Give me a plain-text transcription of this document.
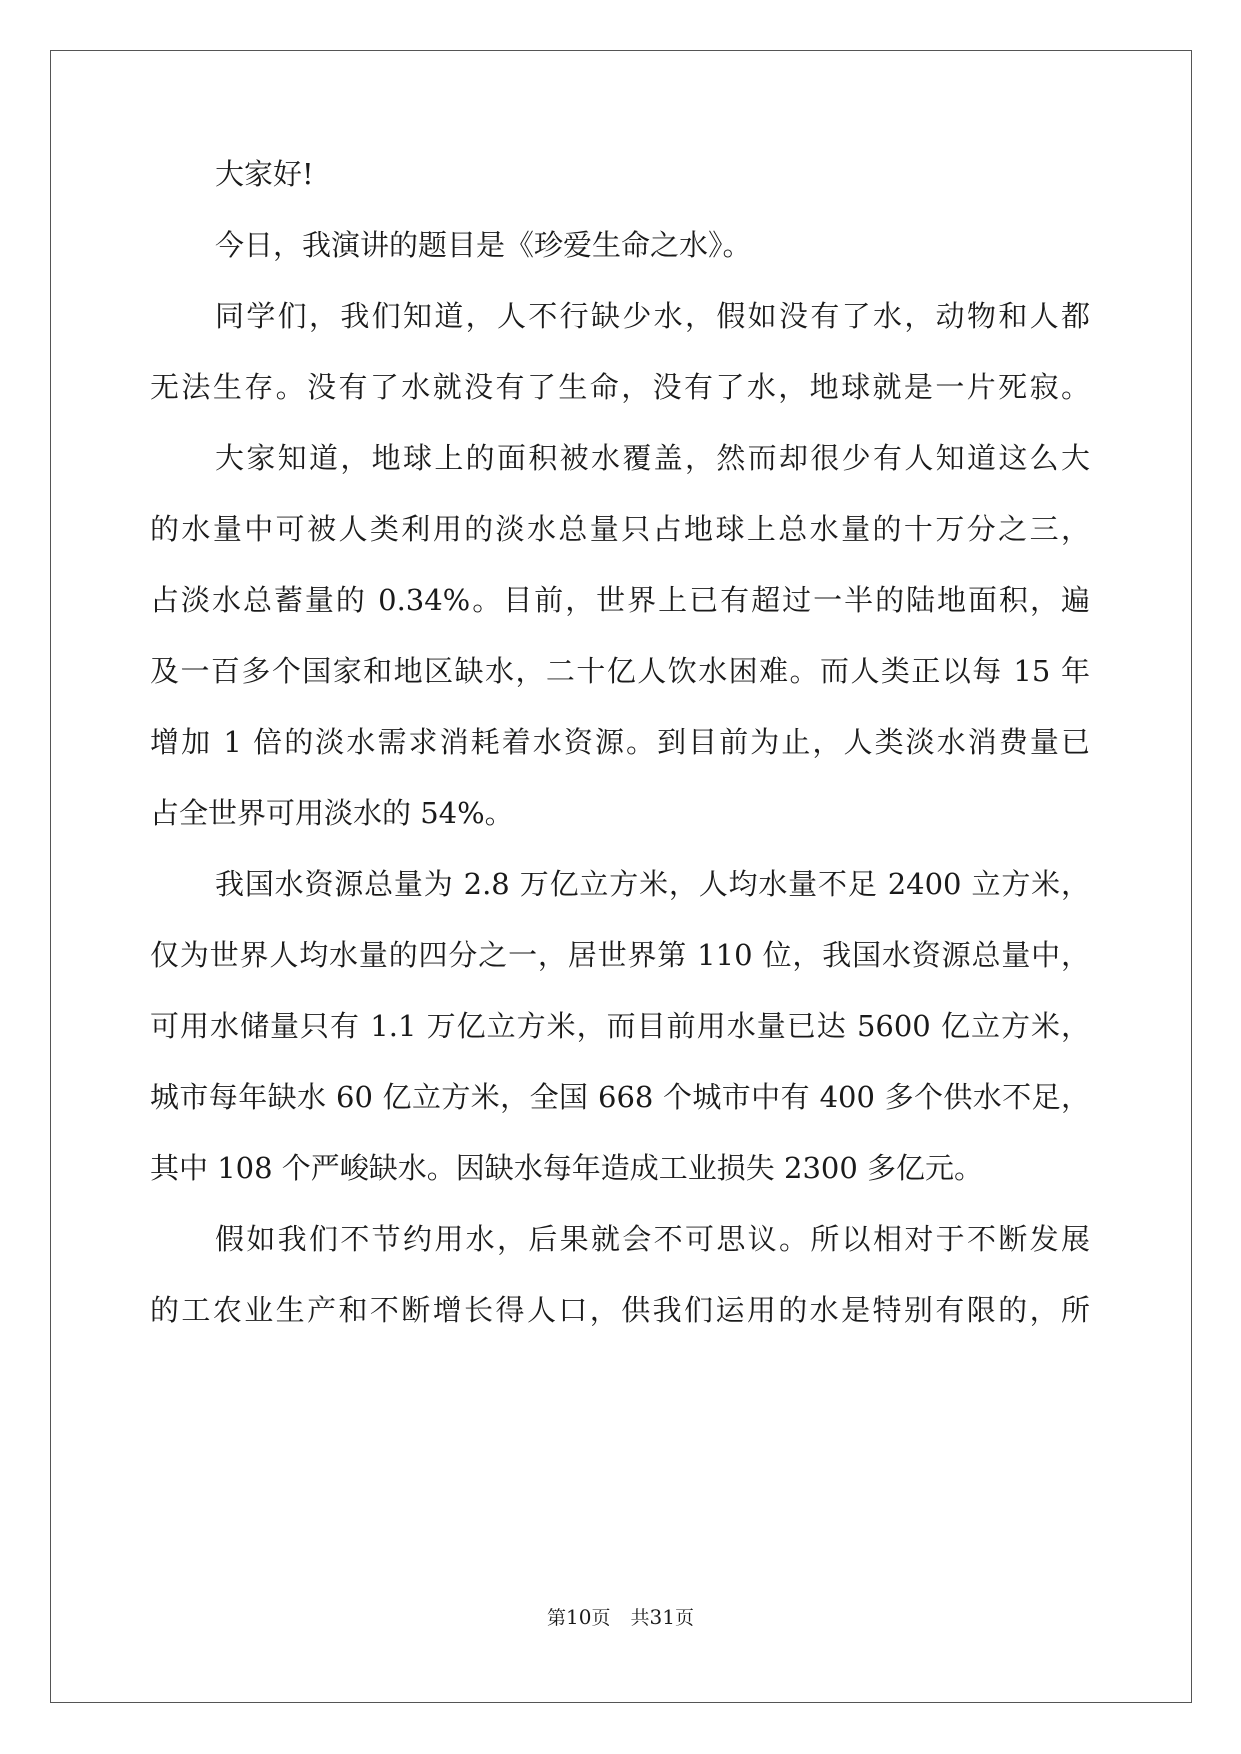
大家好!
今日，我演讲的题目是《珍爱生命之水》。
同学们，我们知道，人不行缺少水，假如没有了水，动物和人都
无法生存。没有了水就没有了生命，没有了水，地球就是一片死寂。
大家知道，地球上的面积被水覆盖，然而却很少有人知道这么大
的水量中可被人类利用的淡水总量只占地球上总水量的十万分之三，
占淡水总蓄量的 0.34%。目前，世界上已有超过一半的陆地面积，遍
及一百多个国家和地区缺水，二十亿人饮水困难。而人类正以每 15 年
增加 1 倍的淡水需求消耗着水资源。到目前为止，人类淡水消费量已
占全世界可用淡水的 54%。
我国水资源总量为 2.8 万亿立方米，人均水量不足 2400 立方米，
仅为世界人均水量的四分之一，居世界第 110 位，我国水资源总量中，
可用水储量只有 1.1 万亿立方米，而目前用水量已达 5600 亿立方米，
城市每年缺水 60 亿立方米，全国 668 个城市中有 400 多个供水不足，
其中 108 个严峻缺水。因缺水每年造成工业损失 2300 多亿元。
假如我们不节约用水，后果就会不可思议。所以相对于不断发展
的工农业生产和不断增长得人口，供我们运用的水是特别有限的，所
第10页 共31页
